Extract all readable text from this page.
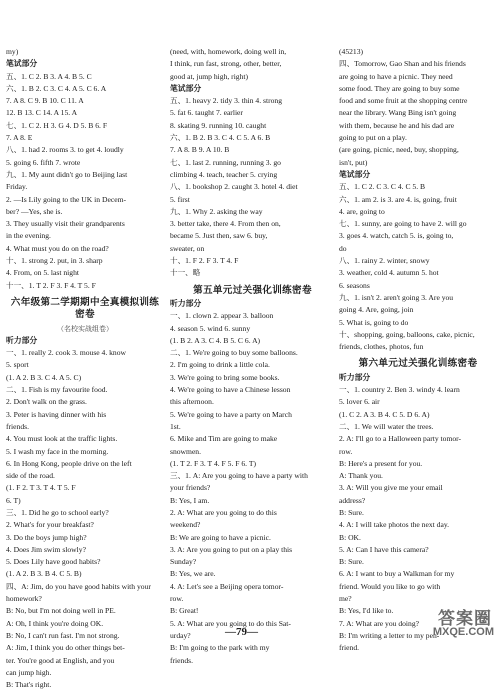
my)
笔试部分
五、1. C 2. B 3. A 4. B 5. C
六、1. B 2. C 3. C 4. A 5. C 6. A
7. A 8. C 9. B 10. C 11. A
12. B 13. C 14. A 15. A
七、1. C 2. H 3. G 4. D 5. B 6. F
7. A 8. E
八、1. had 2. rooms 3. to get 4. loudly
5. going 6. fifth 7. wrote
九、1. My aunt didn't go to Beijing last
Friday.
2. —Is Lily going to the UK in Decem-
ber? —Yes, she is.
3. They usually visit their grandparents
in the evening.
4. What must you do on the road?
十、1. strong 2. put, in 3. sharp
4. From, on 5. last night
十一、1. T 2. F 3. F 4. T 5. F
六年级第二学期期中全真模拟训练密卷
（名校实战组卷）
听力部分
一、1. really 2. cook 3. mouse 4. know
5. sport
(1. A 2. B 3. C 4. A 5. C)
二、1. Fish is my favourite food.
2. Don't walk on the grass.
3. Peter is having dinner with his
friends.
4. You must look at the traffic lights.
5. I wash my face in the morning.
6. In Hong Kong, people drive on the left
side of the road.
(1. F 2. T 3. T 4. T 5. F
6. T)
三、1. Did he go to school early?
2. What's for your breakfast?
3. Do the boys jump high?
4. Does Jim swim slowly?
5. Does Lily have good habits?
(1. A 2. B 3. B 4. C 5. B)
四、A: Jim, do you have good habits with your
homework?
B: No, but I'm not doing well in PE.
A: Oh, I think you're doing OK.
B: No, I can't run fast. I'm not strong.
A: Jim, I think you do other things bet-
ter. You're good at English, and you
can jump high.
B: That's right.
(need, with, homework, doing well in,
I think, run fast, strong, other, better,
good at, jump high, right)
笔试部分
五、1. heavy 2. tidy 3. thin 4. strong
5. fat 6. taught 7. earlier
8. skating 9. running 10. caught
六、1. B 2. B 3. C 4. C 5. A 6. B
7. A 8. B 9. A 10. B
七、1. last 2. running, running 3. go
climbing 4. teach, teacher 5. crying
八、1. bookshop 2. caught 3. hotel 4. diet
5. first
九、1. Why 2. asking the way
3. better take, there 4. From then on,
became 5. Just then, saw 6. buy,
sweater, on
十、1. F 2. F 3. T 4. F
十一、略
第五单元过关强化训练密卷
听力部分
一、1. clown 2. appear 3. balloon
4. season 5. wind 6. sunny
(1. B 2. A 3. C 4. B 5. C 6. A)
二、1. We're going to buy some balloons.
2. I'm going to drink a little cola.
3. We're going to bring some books.
4. We're going to have a Chinese lesson
this afternoon.
5. We're going to have a party on March
1st.
6. Mike and Tim are going to make
snowmen.
(1. T 2. F 3. T 4. F 5. F 6. T)
三、1. A: Are you going to have a party with
your friends?
B: Yes, I am.
2. A: What are you going to do this
weekend?
B: We are going to have a picnic.
3. A: Are you going to put on a play this
Sunday?
B: Yes, we are.
4. A: Let's see a Beijing opera tomor-
row.
B: Great!
5. A: What are you going to do this Sat-
urday?
B: I'm going to the park with my
friends.
(45213)
四、Tomorrow, Gao Shan and his friends
are going to have a picnic. They need
some food. They are going to buy some
food and some fruit at the shopping centre
near the library. Wang Bing isn't going
with them, because he and his dad are
going to put on a play.
(are going, picnic, need, buy, shopping,
isn't, put)
笔试部分
五、1. C 2. C 3. C 4. C 5. B
六、1. am 2. is 3. are 4. is, going, fruit
4. are, going to
七、1. sunny, are going to have 2. will go
3. goes 4. watch, catch 5. is, going to,
do
八、1. rainy 2. winter, snowy
3. weather, cold 4. autumn 5. hot
6. seasons
九、1. isn't 2. aren't going 3. Are you
going 4. Are, going, join
5. What is, going to do
十、shopping, going, balloons, cake, picnic,
friends, clothes, photos, fun
第六单元过关强化训练密卷
听力部分
一、1. country 2. Ben 3. windy 4. learn
5. lover 6. air
(1. C 2. A 3. B 4. C 5. D 6. A)
二、1. We will water the trees.
2. A: I'll go to a Halloween party tomor-
row.
B: Here's a present for you.
A: Thank you.
3. A: Will you give me your email
address?
B: Sure.
4. A: I will take photos the next day.
B: OK.
5. A: Can I have this camera?
B: Sure.
6. A: I want to buy a Walkman for my
friend. Would you like to go with
me?
B: Yes, I'd like to.
7. A: What are you doing?
B: I'm writing a letter to my pen-
friend.
—79—
答案圈
MXQE.COM
